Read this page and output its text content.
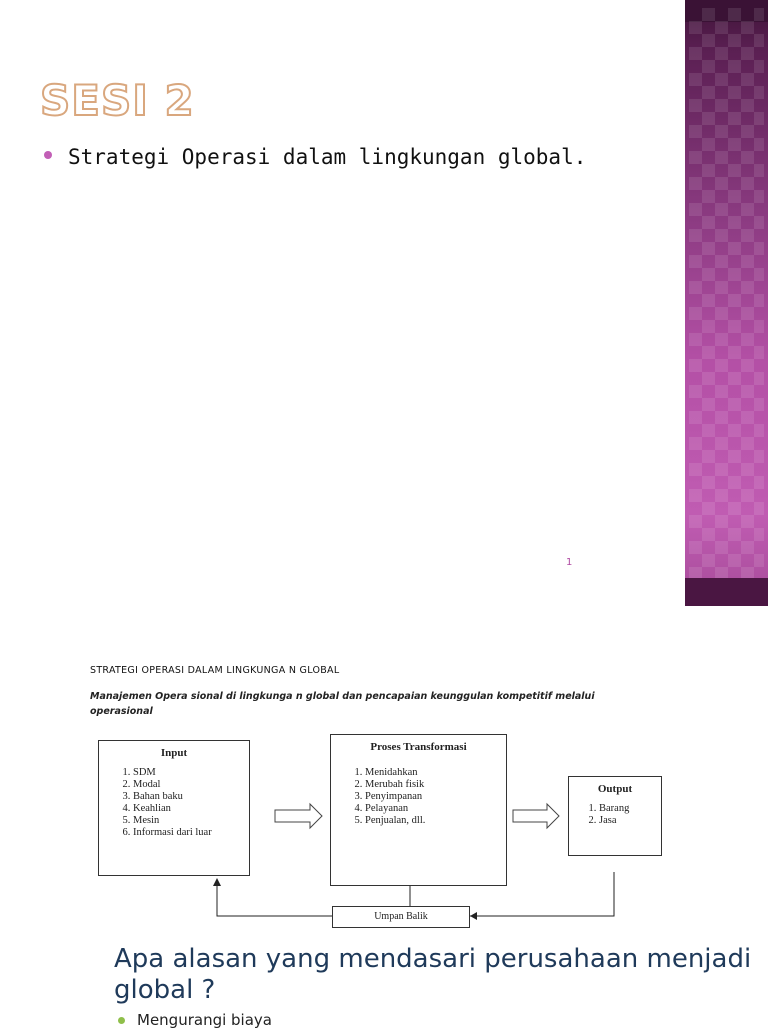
SESI 2
Strategi Operasi dalam lingkungan global.
1
STRATEGI OPERASI DALAM LINGKUNGA N GLOBAL
Manajemen Opera sional di lingkunga n global dan pencapaian keunggulan kompetitif melalui operasional
Input
1. SDM
2. Modal
3. Bahan baku
4. Keahlian
5. Mesin
6. Informasi dari luar
Proses Transformasi
1. Menidahkan
2. Merubah fisik
3. Penyimpanan
4. Pelayanan
5. Penjualan, dll.
Output
1. Barang
2. Jasa
Umpan Balik
Apa alasan yang mendasari perusahaan menjadi global ?
Mengurangi biaya
